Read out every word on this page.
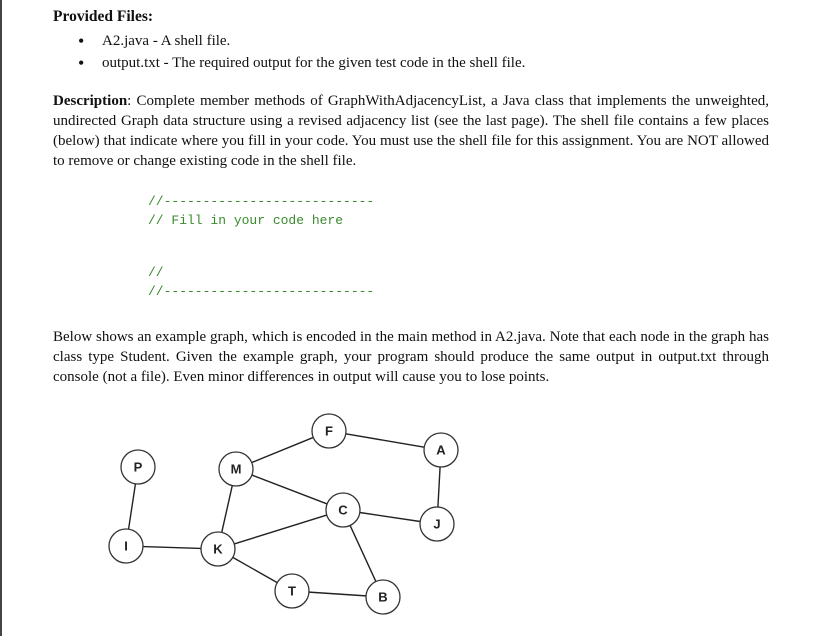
Provided Files:
• A2.java - A shell file.
• output.txt - The required output for the given test code in the shell file.
Description: Complete member methods of GraphWithAdjacencyList, a Java class that implements the unweighted, undirected Graph data structure using a revised adjacency list (see the last page). The shell file contains a few places (below) that indicate where you fill in your code. You must use the shell file for this assignment. You are NOT allowed to remove or change existing code in the shell file.
//---------------------------
// Fill in your code here
//
//---------------------------
Below shows an example graph, which is encoded in the main method in A2.java. Note that each node in the graph has class type Student. Given the example graph, your program should produce the same output in output.txt through console (not a file). Even minor differences in output will cause you to lose points.
P	M
F
A
C
J
I	K
T	B
